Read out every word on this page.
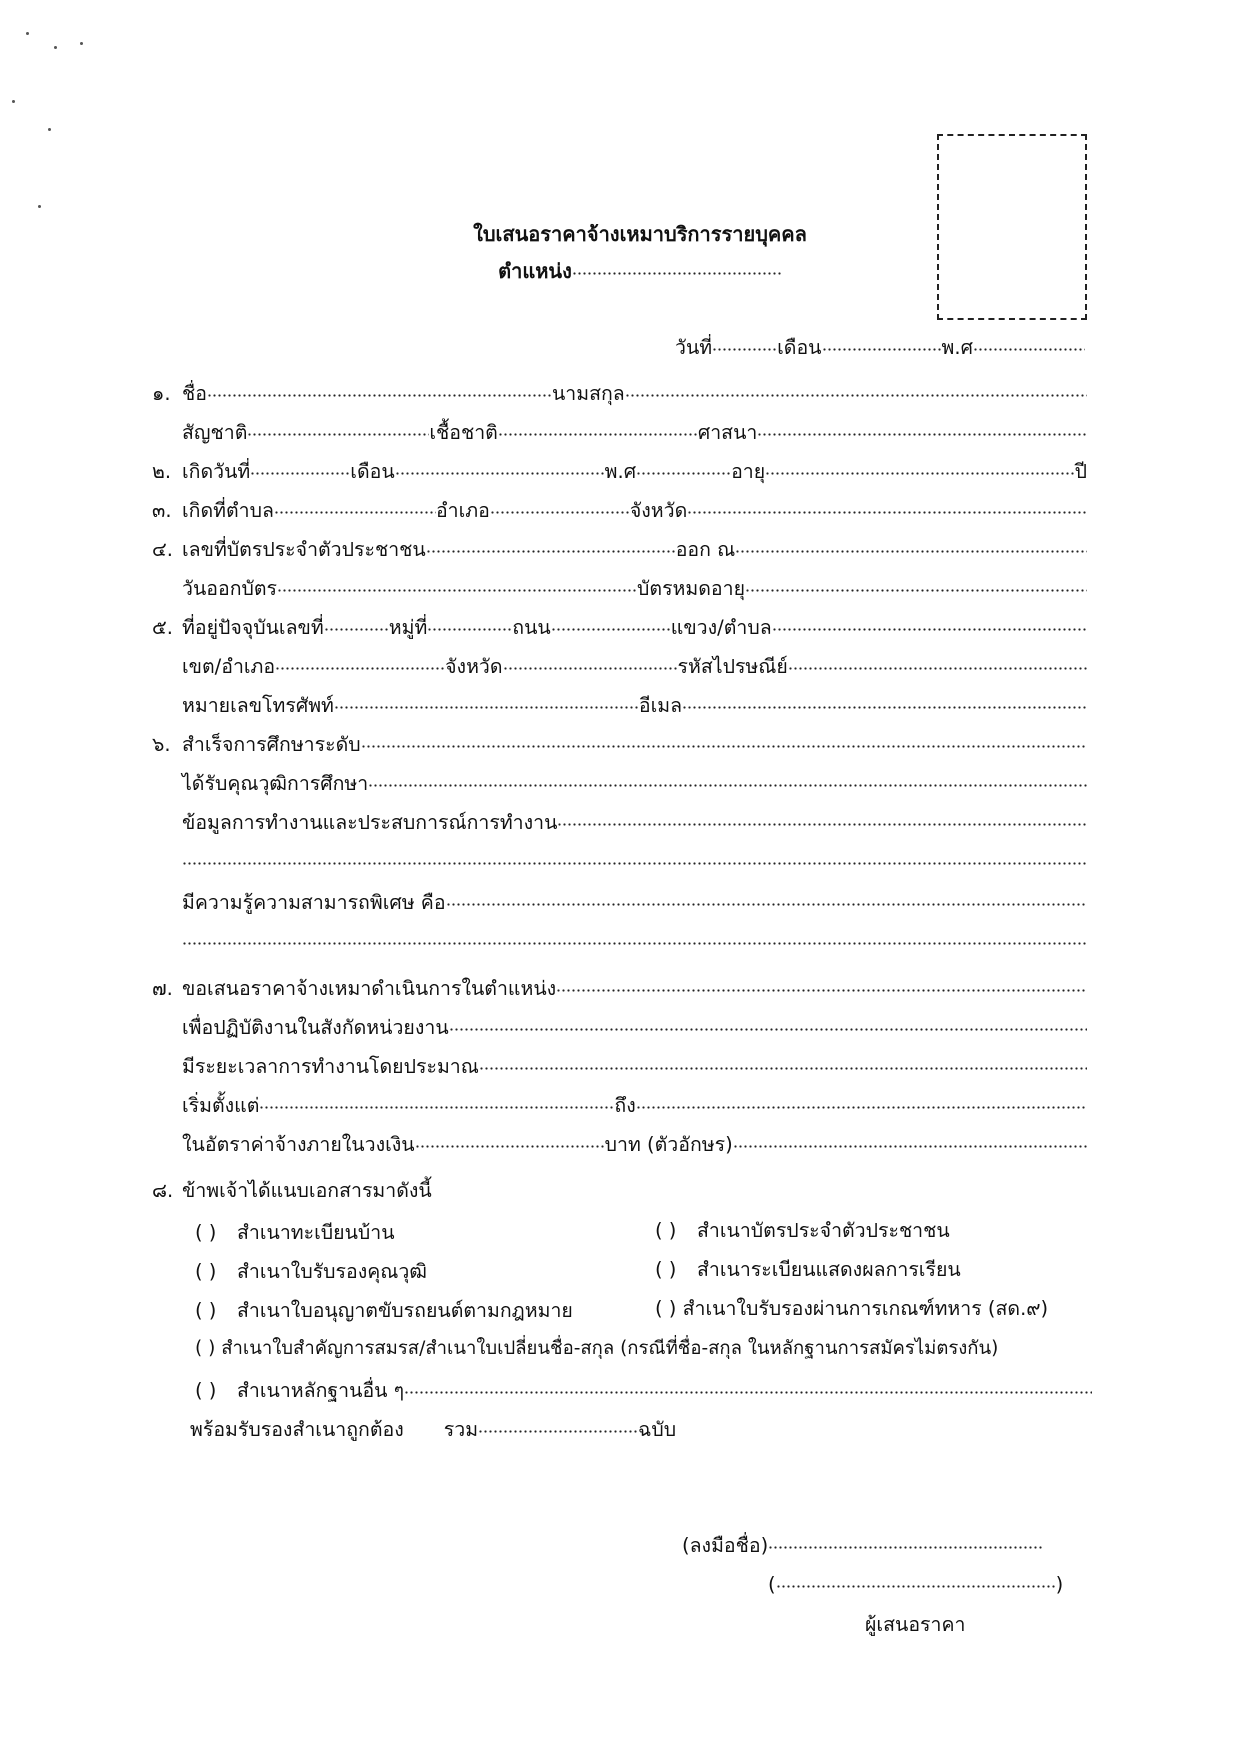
ใบเสนอราคาจ้างเหมาบริการรายบุคคล
ตำแหน่ง
วันที่	เดือน	พ.ศ
๑. ชื่อ	นามสกุล
สัญชาติ	เชื้อชาติ	ศาสนา
๒. เกิดวันที่	เดือน	พ.ศ	อายุ	ปี
๓. เกิดที่ตำบล	อำเภอ	จังหวัด
๔. เลขที่บัตรประจำตัวประชาชน	ออก ณ
วันออกบัตร	บัตรหมดอายุ
๕. ที่อยู่ปัจจุบันเลขที่	หมู่ที่	ถนน	แขวง/ตำบล
เขต/อำเภอ	จังหวัด	รหัสไปรษณีย์
หมายเลขโทรศัพท์	อีเมล
๖. สำเร็จการศึกษาระดับ
ได้รับคุณวุฒิการศึกษา
ข้อมูลการทำงานและประสบการณ์การทำงาน
มีความรู้ความสามารถพิเศษ คือ
๗. ขอเสนอราคาจ้างเหมาดำเนินการในตำแหน่ง
เพื่อปฏิบัติงานในสังกัดหน่วยงาน
มีระยะเวลาการทำงานโดยประมาณ
เริ่มตั้งแต่	ถึง
ในอัตราค่าจ้างภายในวงเงิน	บาท (ตัวอักษร)
๘. ข้าพเจ้าได้แนบเอกสารมาดังนี้
( ) สำเนาทะเบียนบ้าน	( ) สำเนาบัตรประจำตัวประชาชน
( ) สำเนาใบรับรองคุณวุฒิ	( ) สำเนาระเบียนแสดงผลการเรียน
( ) สำเนาใบอนุญาตขับรถยนต์ตามกฎหมาย	( ) สำเนาใบรับรองผ่านการเกณฑ์ทหาร (สด.๙)
( ) สำเนาใบสำคัญการสมรส/สำเนาใบเปลี่ยนชื่อ-สกุล (กรณีที่ชื่อ-สกุล ในหลักฐานการสมัครไม่ตรงกัน)
( )	สำเนาหลักฐานอื่น ๆ
พร้อมรับรองสำเนาถูกต้อง รวม	ฉบับ
(ลงมือชื่อ)
(	)
ผู้เสนอราคา
